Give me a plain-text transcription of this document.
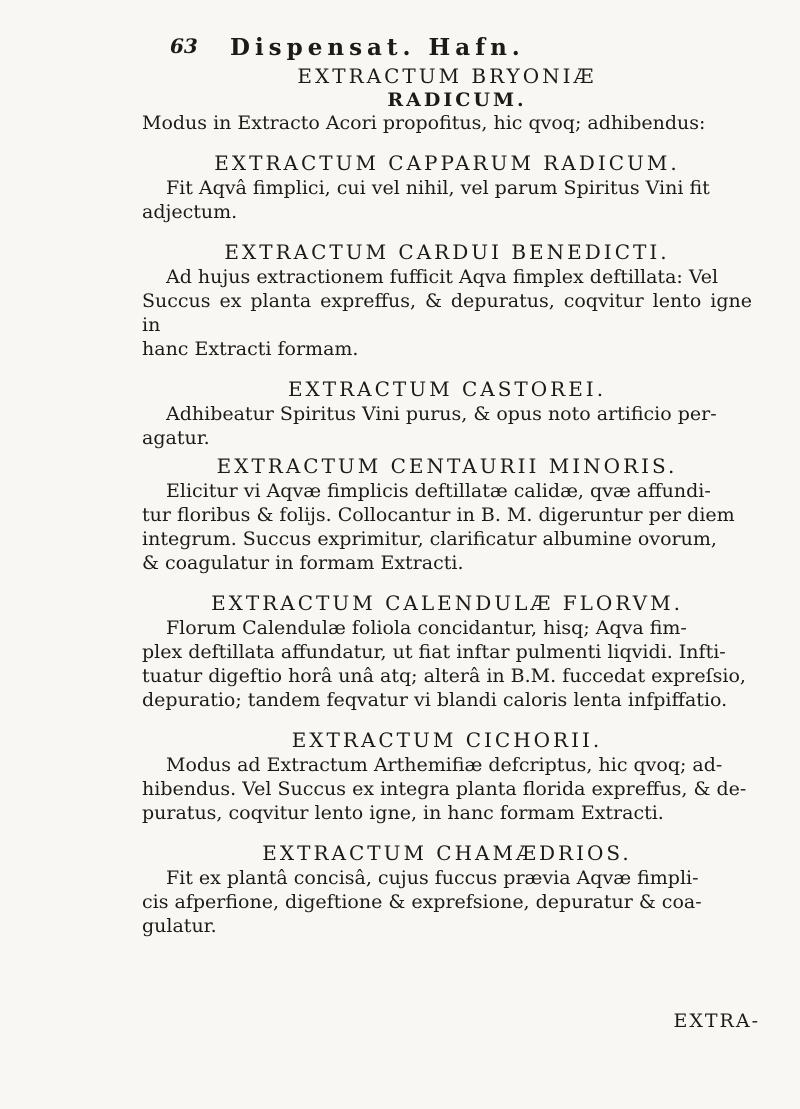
63 Dispensat. Hafn.
EXTRACTUM BRYONIÆ
RADICUM.

Modus in Extracto Acori propofitus, hic qvoq; adhibendus:

EXTRACTUM CAPPARUM RADICUM.

Fit Aqvâ fimplici, cui vel nihil, vel parum Spiritus Vini fit
adjectum.

EXTRACTUM CARDUI BENEDICTI.

Ad hujus extractionem fufficit Aqva fimplex deftillata: Vel
Succus ex planta expreffus, & depuratus, coqvitur lento igne in
hanc Extracti formam.

EXTRACTUM CASTOREI.

Adhibeatur Spiritus Vini purus, & opus noto artificio per-
agatur.

EXTRACTUM CENTAURII MINORIS.

Elicitur vi Aqvæ fimplicis deftillatæ calidæ, qvæ affundi-
tur floribus & folijs. Collocantur in B. M. digeruntur per diem
integrum. Succus exprimitur, clarificatur albumine ovorum,
& coagulatur in formam Extracti.

EXTRACTUM CALENDULÆ FLORVM.

Florum Calendulæ foliola concidantur, hisq; Aqva fim-
plex deftillata affundatur, ut fiat inftar pulmenti liqvidi. Infti-
tuatur digeftio horâ unâ atq; alterâ in B.M. fuccedat expreſsio,
depuratio; tandem feqvatur vi blandi caloris lenta infpiffatio.

EXTRACTUM CICHORII.

Modus ad Extractum Arthemifiæ defcriptus, hic qvoq; ad-
hibendus. Vel Succus ex integra planta florida expreffus, & de-
puratus, coqvitur lento igne, in hanc formam Extracti.

EXTRACTUM CHAMÆDRIOS.

Fit ex plantâ concisâ, cujus fuccus prævia Aqvæ fimpli-
cis afperfione, digeftione & exprefsione, depuratur & coa-
gulatur.

EXTRA-
